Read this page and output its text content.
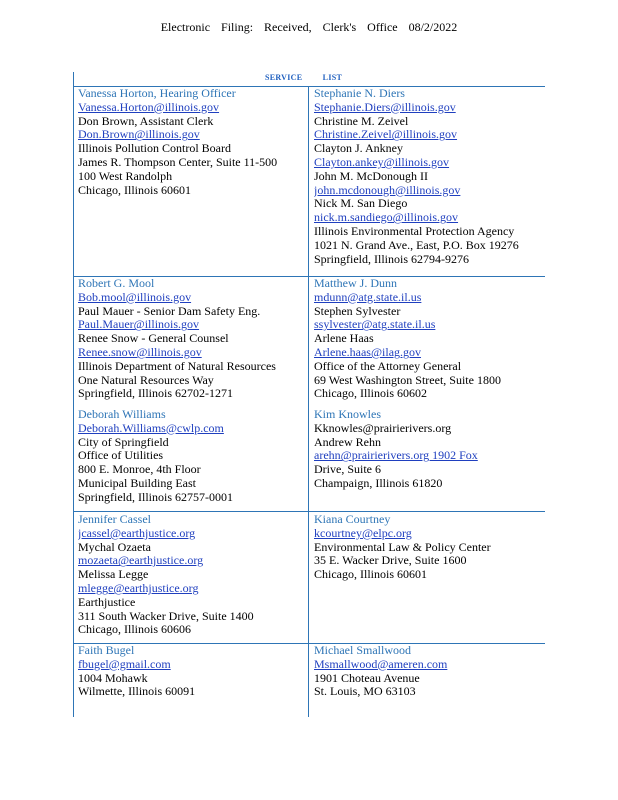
Electronic Filing: Received, Clerk's Office 08/2/2022
SERVICE LIST
Vanessa Horton, Hearing Officer
Vanessa.Horton@illinois.gov
Don Brown, Assistant Clerk
Don.Brown@illinois.gov
Illinois Pollution Control Board
James R. Thompson Center, Suite 11-500
100 West Randolph
Chicago, Illinois 60601
Stephanie N. Diers
Stephanie.Diers@illinois.gov
Christine M. Zeivel
Christine.Zeivel@illinois.gov
Clayton J. Ankney
Clayton.ankey@illinois.gov
John M. McDonough II
john.mcdonough@illinois.gov
Nick M. San Diego
nick.m.sandiego@illinois.gov
Illinois Environmental Protection Agency
1021 N. Grand Ave., East, P.O. Box 19276
Springfield, Illinois 62794-9276
Robert G. Mool
Bob.mool@illinois.gov
Paul Mauer - Senior Dam Safety Eng.
Paul.Mauer@illinois.gov
Renee Snow - General Counsel
Renee.snow@illinois.gov
Illinois Department of Natural Resources
One Natural Resources Way
Springfield, Illinois 62702-1271
Matthew J. Dunn
mdunn@atg.state.il.us
Stephen Sylvester
ssylvester@atg.state.il.us
Arlene Haas
Arlene.haas@ilag.gov
Office of the Attorney General
69 West Washington Street, Suite 1800
Chicago, Illinois 60602
Deborah Williams
Deborah.Williams@cwlp.com
City of Springfield
Office of Utilities
800 E. Monroe, 4th Floor
Municipal Building East
Springfield, Illinois 62757-0001
Kim Knowles
Kknowles@prairierivers.org
Andrew Rehn
arehn@prairierivers.org 1902 Fox
Drive, Suite 6
Champaign, Illinois 61820
Jennifer Cassel
jcassel@earthjustice.org
Mychal Ozaeta
mozaeta@earthjustice.org
Melissa Legge
mlegge@earthjustice.org
Earthjustice
311 South Wacker Drive, Suite 1400
Chicago, Illinois 60606
Kiana Courtney
kcourtney@elpc.org
Environmental Law & Policy Center
35 E. Wacker Drive, Suite 1600
Chicago, Illinois 60601
Faith Bugel
fbugel@gmail.com
1004 Mohawk
Wilmette, Illinois 60091
Michael Smallwood
Msmallwood@ameren.com
1901 Choteau Avenue
St. Louis, MO 63103
